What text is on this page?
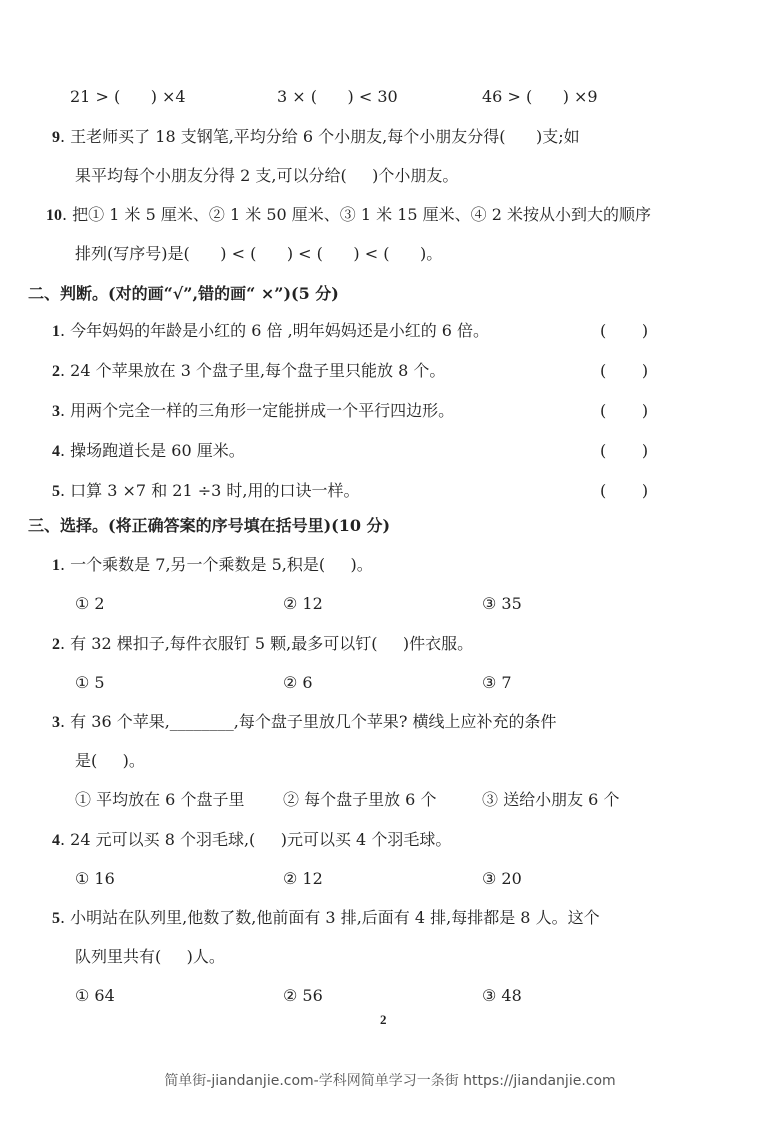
21 > (      ) ×4	3 × (      ) < 30	46 > (      ) ×9
9. 王老师买了 18 支钢笔,平均分给 6 个小朋友,每个小朋友分得(      )支;如
果平均每个小朋友分得 2 支,可以分给(     )个小朋友。
10. 把① 1 米 5 厘米、② 1 米 50 厘米、③ 1 米 15 厘米、④ 2 米按从小到大的顺序
排列(写序号)是(      ) < (      ) < (      ) < (      )。
二、判断。(对的画“√”,错的画“ ×”)(5 分)
三、选择。(将正确答案的序号填在括号里)(10 分)
2
简单街-jiandanjie.com-学科网简单学习一条街 https://jiandanjie.com
1. 今年妈妈的年龄是小红的 6 倍 ,明年妈妈还是小红的 6 倍。	(       )
2. 24 个苹果放在 3 个盘子里,每个盘子里只能放 8 个。	(       )
3. 用两个完全一样的三角形一定能拼成一个平行四边形。	(       )
4. 操场跑道长是 60 厘米。	(       )
5. 口算 3 ×7 和 21 ÷3 时,用的口诀一样。	(       )
1. 一个乘数是 7,另一个乘数是 5,积是(     )。
① 2	② 12	③ 35
2. 有 32 棵扣子,每件衣服钉 5 颗,最多可以钉(     )件衣服。
① 5	② 6	③ 7
3. 有 36 个苹果,________,每个盘子里放几个苹果? 横线上应补充的条件
是(     )。
① 平均放在 6 个盘子里 ② 每个盘子里放 6 个	③ 送给小朋友 6 个
4. 24 元可以买 8 个羽毛球,(     )元可以买 4 个羽毛球。
① 16	② 12	③ 20
5. 小明站在队列里,他数了数,他前面有 3 排,后面有 4 排,每排都是 8 人。这个
队列里共有(     )人。
① 64	② 56	③ 48
